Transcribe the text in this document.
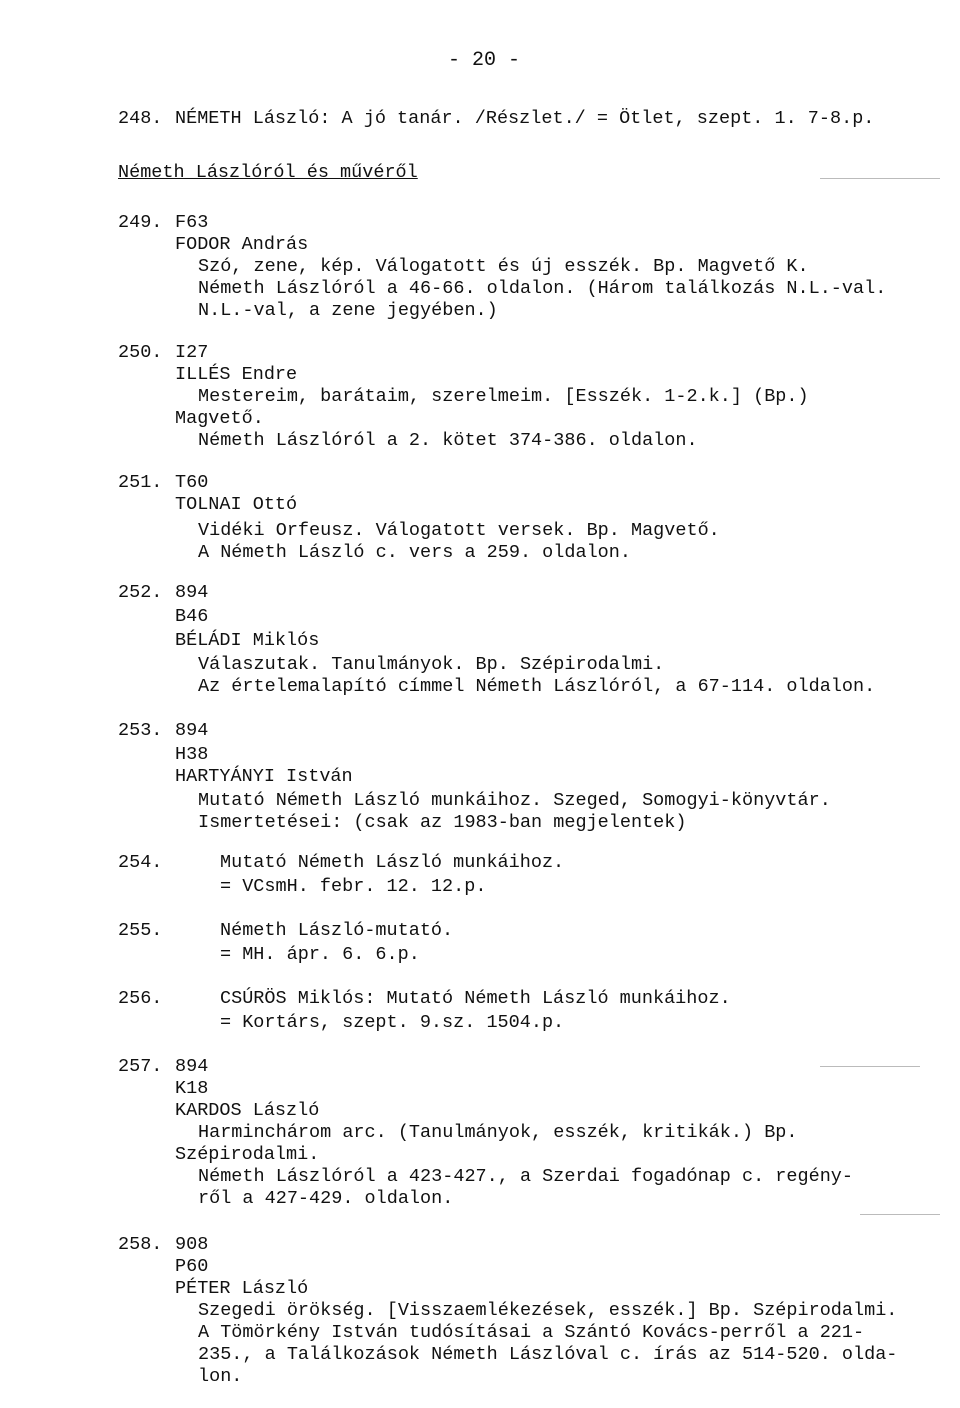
- 20 -
248. NÉMETH László: A jó tanár. /Részlet./ = Ötlet, szept. 1. 7-8.p.
Németh Lászlóról és művéről
249. F63
FODOR András
Szó, zene, kép. Válogatott és új esszék. Bp. Magvető K.
Németh Lászlóról a 46-66. oldalon. (Három találkozás N.L.-val.
N.L.-val, a zene jegyében.)
250. I27
ILLÉS Endre
Mestereim, barátaim, szerelmeim. [Esszék. 1-2.k.] (Bp.)
Magvető.
Németh Lászlóról a 2. kötet 374-386. oldalon.
251. T60
TOLNAI Ottó
Vidéki Orfeusz. Válogatott versek. Bp. Magvető.
A Németh László c. vers a 259. oldalon.
252. 894
B46
BÉLÁDI Miklós
Válaszutak. Tanulmányok. Bp. Szépirodalmi.
Az értelemalapító címmel Németh Lászlóról, a 67-114. oldalon.
253. 894
H38
HARTYÁNYI István
Mutató Németh László munkáihoz. Szeged, Somogyi-könyvtár.
Ismertetései: (csak az 1983-ban megjelentek)
254.	Mutató Németh László munkáihoz.
= VCsmH. febr. 12. 12.p.
255.	Németh László-mutató.
= MH. ápr. 6. 6.p.
256.	CSÚRÖS Miklós: Mutató Németh László munkáihoz.
= Kortárs, szept. 9.sz. 1504.p.
257. 894
K18
KARDOS László
Harminchárom arc. (Tanulmányok, esszék, kritikák.) Bp.
Szépirodalmi.
Németh Lászlóról a 423-427., a Szerdai fogadónap c. regény-
ről a 427-429. oldalon.
258. 908
P60
PÉTER László
Szegedi örökség. [Visszaemlékezések, esszék.] Bp. Szépirodalmi.
A Tömörkény István tudósításai a Szántó Kovács-perről a 221-
235., a Találkozások Németh Lászlóval c. írás az 514-520. olda-
lon.
